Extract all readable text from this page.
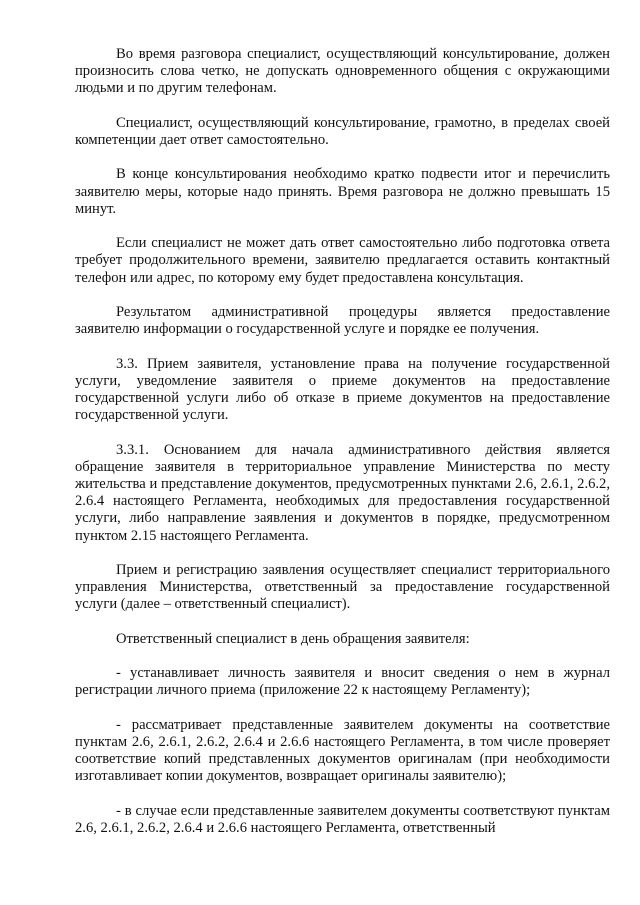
Во время разговора специалист, осуществляющий консультирование, должен произносить слова четко, не допускать одновременного общения с окружающими людьми и по другим телефонам.

Специалист, осуществляющий консультирование, грамотно, в пределах своей компетенции дает ответ самостоятельно.

В конце консультирования необходимо кратко подвести итог и перечислить заявителю меры, которые надо принять. Время разговора не должно превышать 15 минут.

Если специалист не может дать ответ самостоятельно либо подготовка ответа требует продолжительного времени, заявителю предлагается оставить контактный телефон или адрес, по которому ему будет предоставлена консультация.

Результатом административной процедуры является предоставление заявителю информации о государственной услуге и порядке ее получения.

3.3. Прием заявителя, установление права на получение государственной услуги, уведомление заявителя о приеме документов на предоставление государственной услуги либо об отказе в приеме документов на предоставление государственной услуги.

3.3.1. Основанием для начала административного действия является обращение заявителя в территориальное управление Министерства по месту жительства и представление документов, предусмотренных пунктами 2.6, 2.6.1, 2.6.2, 2.6.4 настоящего Регламента, необходимых для предоставления государственной услуги, либо направление заявления и документов в порядке, предусмотренном пунктом 2.15 настоящего Регламента.

Прием и регистрацию заявления осуществляет специалист территориального управления Министерства, ответственный за предоставление государственной услуги (далее – ответственный специалист).

Ответственный специалист в день обращения заявителя:

- устанавливает личность заявителя и вносит сведения о нем в журнал регистрации личного приема (приложение 22 к настоящему Регламенту);

- рассматривает представленные заявителем документы на соответствие пунктам 2.6, 2.6.1, 2.6.2, 2.6.4 и 2.6.6 настоящего Регламента, в том числе проверяет соответствие копий представленных документов оригиналам (при необходимости изготавливает копии документов, возвращает оригиналы заявителю);

- в случае если представленные заявителем документы соответствуют пунктам 2.6, 2.6.1, 2.6.2, 2.6.4 и 2.6.6 настоящего Регламента, ответственный
